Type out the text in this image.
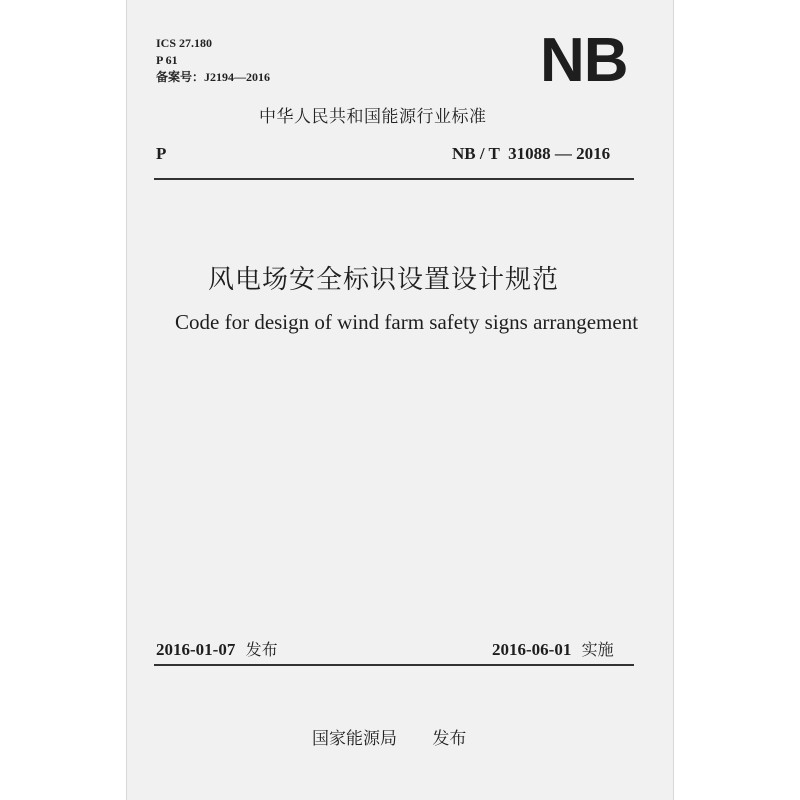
ICS 27.180
P 61
备案号：J2194—2016	NB
中华人民共和国能源行业标准
P	NB / T  31088 — 2016
风电场安全标识设置设计规范
Code for design of wind farm safety signs arrangement
2016-01-07 发布	2016-06-01 实施
国家能源局 发布
